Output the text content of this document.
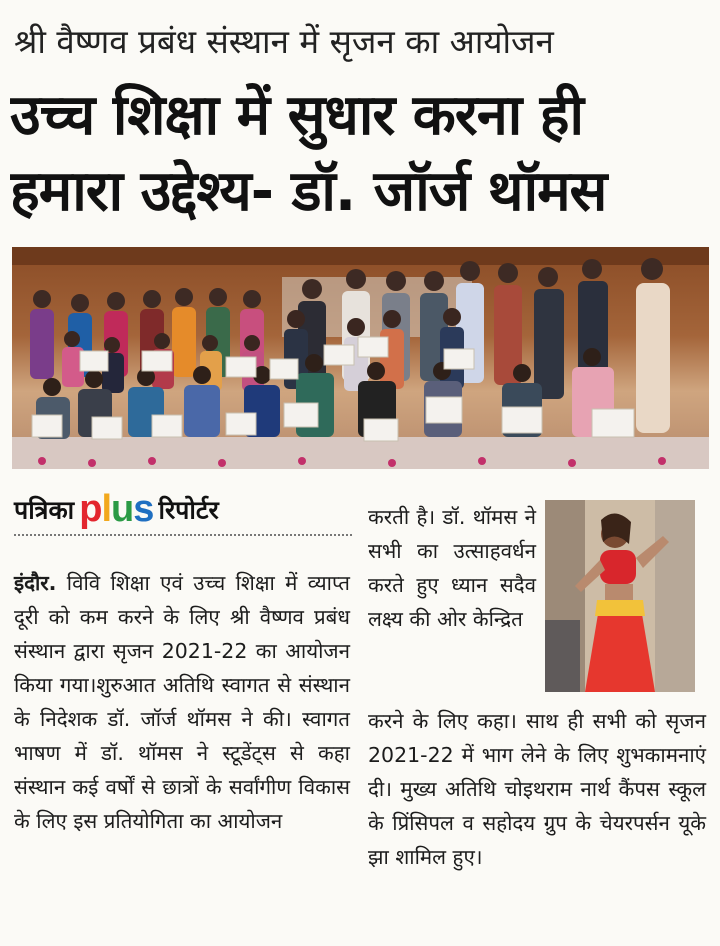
श्री वैष्णव प्रबंध संस्थान में सृजन का आयोजन
उच्च शिक्षा में सुधार करना ही
हमारा उद्देश्य- डॉ. जॉर्ज थॉमस
पत्रिका plus रिपोर्टर
इंदौर. विवि शिक्षा एवं उच्च शिक्षा में व्याप्त दूरी को कम करने के लिए श्री वैष्णव प्रबंध संस्थान द्वारा सृजन 2021-22 का आयोजन किया गया।शुरुआत अतिथि स्वागत से संस्थान के निदेशक डॉ. जॉर्ज थॉमस ने की। स्वागत भाषण में डॉ. थॉमस ने स्टूडेंट्स से कहा संस्थान कई वर्षों से छात्रों के सर्वांगीण विकास के लिए इस प्रतियोगिता का आयोजन
करती है। डॉ. थॉमस ने सभी का उत्साहवर्धन करते हुए ध्यान सदैव लक्ष्य की ओर केन्द्रित
करने के लिए कहा। साथ ही सभी को सृजन 2021-22 में भाग लेने के लिए शुभकामनाएं दी। मुख्य अतिथि चोइथराम नार्थ कैंपस स्कूल के प्रिंसिपल व सहोदय ग्रुप के चेयरपर्सन यूके झा शामिल हुए।
